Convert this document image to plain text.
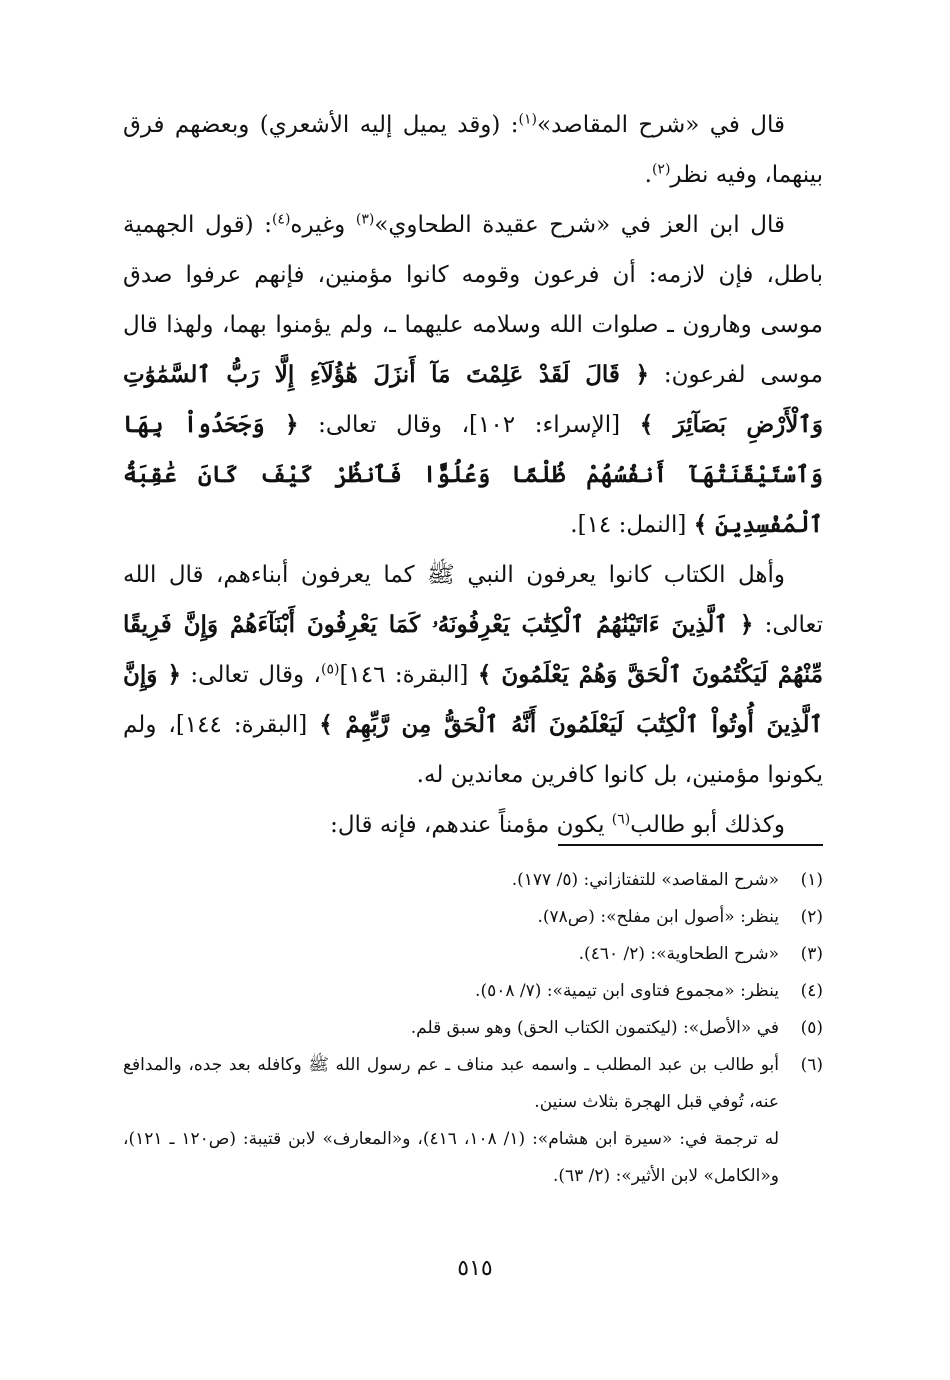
قال في «شرح المقاصد»$^{(١)}$: (وقد يميل إليه الأشعري) وبعضهم فرق بينهما، وفيه نظر$^{(٢)}$.

قال ابن العز في «شرح عقيدة الطحاوي»$^{(٣)}$ وغيره$^{(٤)}$: (قول الجهمية باطل، فإن لازمه: أن فرعون وقومه كانوا مؤمنين، فإنهم عرفوا صدق موسى وهارون ـ صلوات الله وسلامه عليهما ـ، ولم يؤمنوا بهما، ولهذا قال موسى لفرعون: ﴿ قَالَ لَقَدْ عَلِمْتَ مَآ أَنزَلَ هَٰٓؤُلَآءِ إِلَّا رَبُّ ٱلسَّمَٰوَٰتِ وَٱلْأَرْضِ بَصَآئِرَ ﴾ [الإسراء: ١٠٢]، وقال تعالى: ﴿ وَجَحَدُواْ بِهَا وَٱسْتَيْقَنَتْهَآ أَنفُسُهُمْ ظُلْمًا وَعُلُوًّا فَٱنظُرْ كَيْفَ كَانَ عَٰقِبَةُ ٱلْمُفْسِدِينَ ﴾ [النمل: ١٤].

وأهل الكتاب كانوا يعرفون النبي ﷺ كما يعرفون أبناءهم، قال الله تعالى: ﴿ ٱلَّذِينَ ءَاتَيْنَٰهُمُ ٱلْكِتَٰبَ يَعْرِفُونَهُۥ كَمَا يَعْرِفُونَ أَبْنَآءَهُمْ وَإِنَّ فَرِيقًا مِّنْهُمْ لَيَكْتُمُونَ ٱلْحَقَّ وَهُمْ يَعْلَمُونَ ﴾ [البقرة: ١٤٦]$^{(٥)}$، وقال تعالى: ﴿ وَإِنَّ ٱلَّذِينَ أُوتُواْ ٱلْكِتَٰبَ لَيَعْلَمُونَ أَنَّهُ ٱلْحَقُّ مِن رَّبِّهِمْ ﴾ [البقرة: ١٤٤]، ولم يكونوا مؤمنين، بل كانوا كافرين معاندين له.

وكذلك أبو طالب$^{(٦)}$ يكون مؤمناً عندهم، فإنه قال:

(١)
«شرح المقاصد» للتفتازاني: (٥/ ١٧٧).
(٢)
ينظر: «أصول ابن مفلح»: (ص٧٨).
(٣)
«شرح الطحاوية»: (٢/ ٤٦٠).
(٤)
ينظر: «مجموع فتاوى ابن تيمية»: (٧/ ٥٠٨).
(٥)
في «الأصل»: (ليكتمون الكتاب الحق) وهو سبق قلم.
(٦)
أبو طالب بن عبد المطلب ـ واسمه عبد مناف ـ عم رسول الله ﷺ وكافله بعد جده، والمدافع عنه، تُوفي قبل الهجرة بثلاث سنين.
له ترجمة في: «سيرة ابن هشام»: (١/ ١٠٨، ٤١٦)، و«المعارف» لابن قتيبة: (ص١٢٠ ـ ١٢١)، و«الكامل» لابن الأثير»: (٢/ ٦٣).
٥١٥
